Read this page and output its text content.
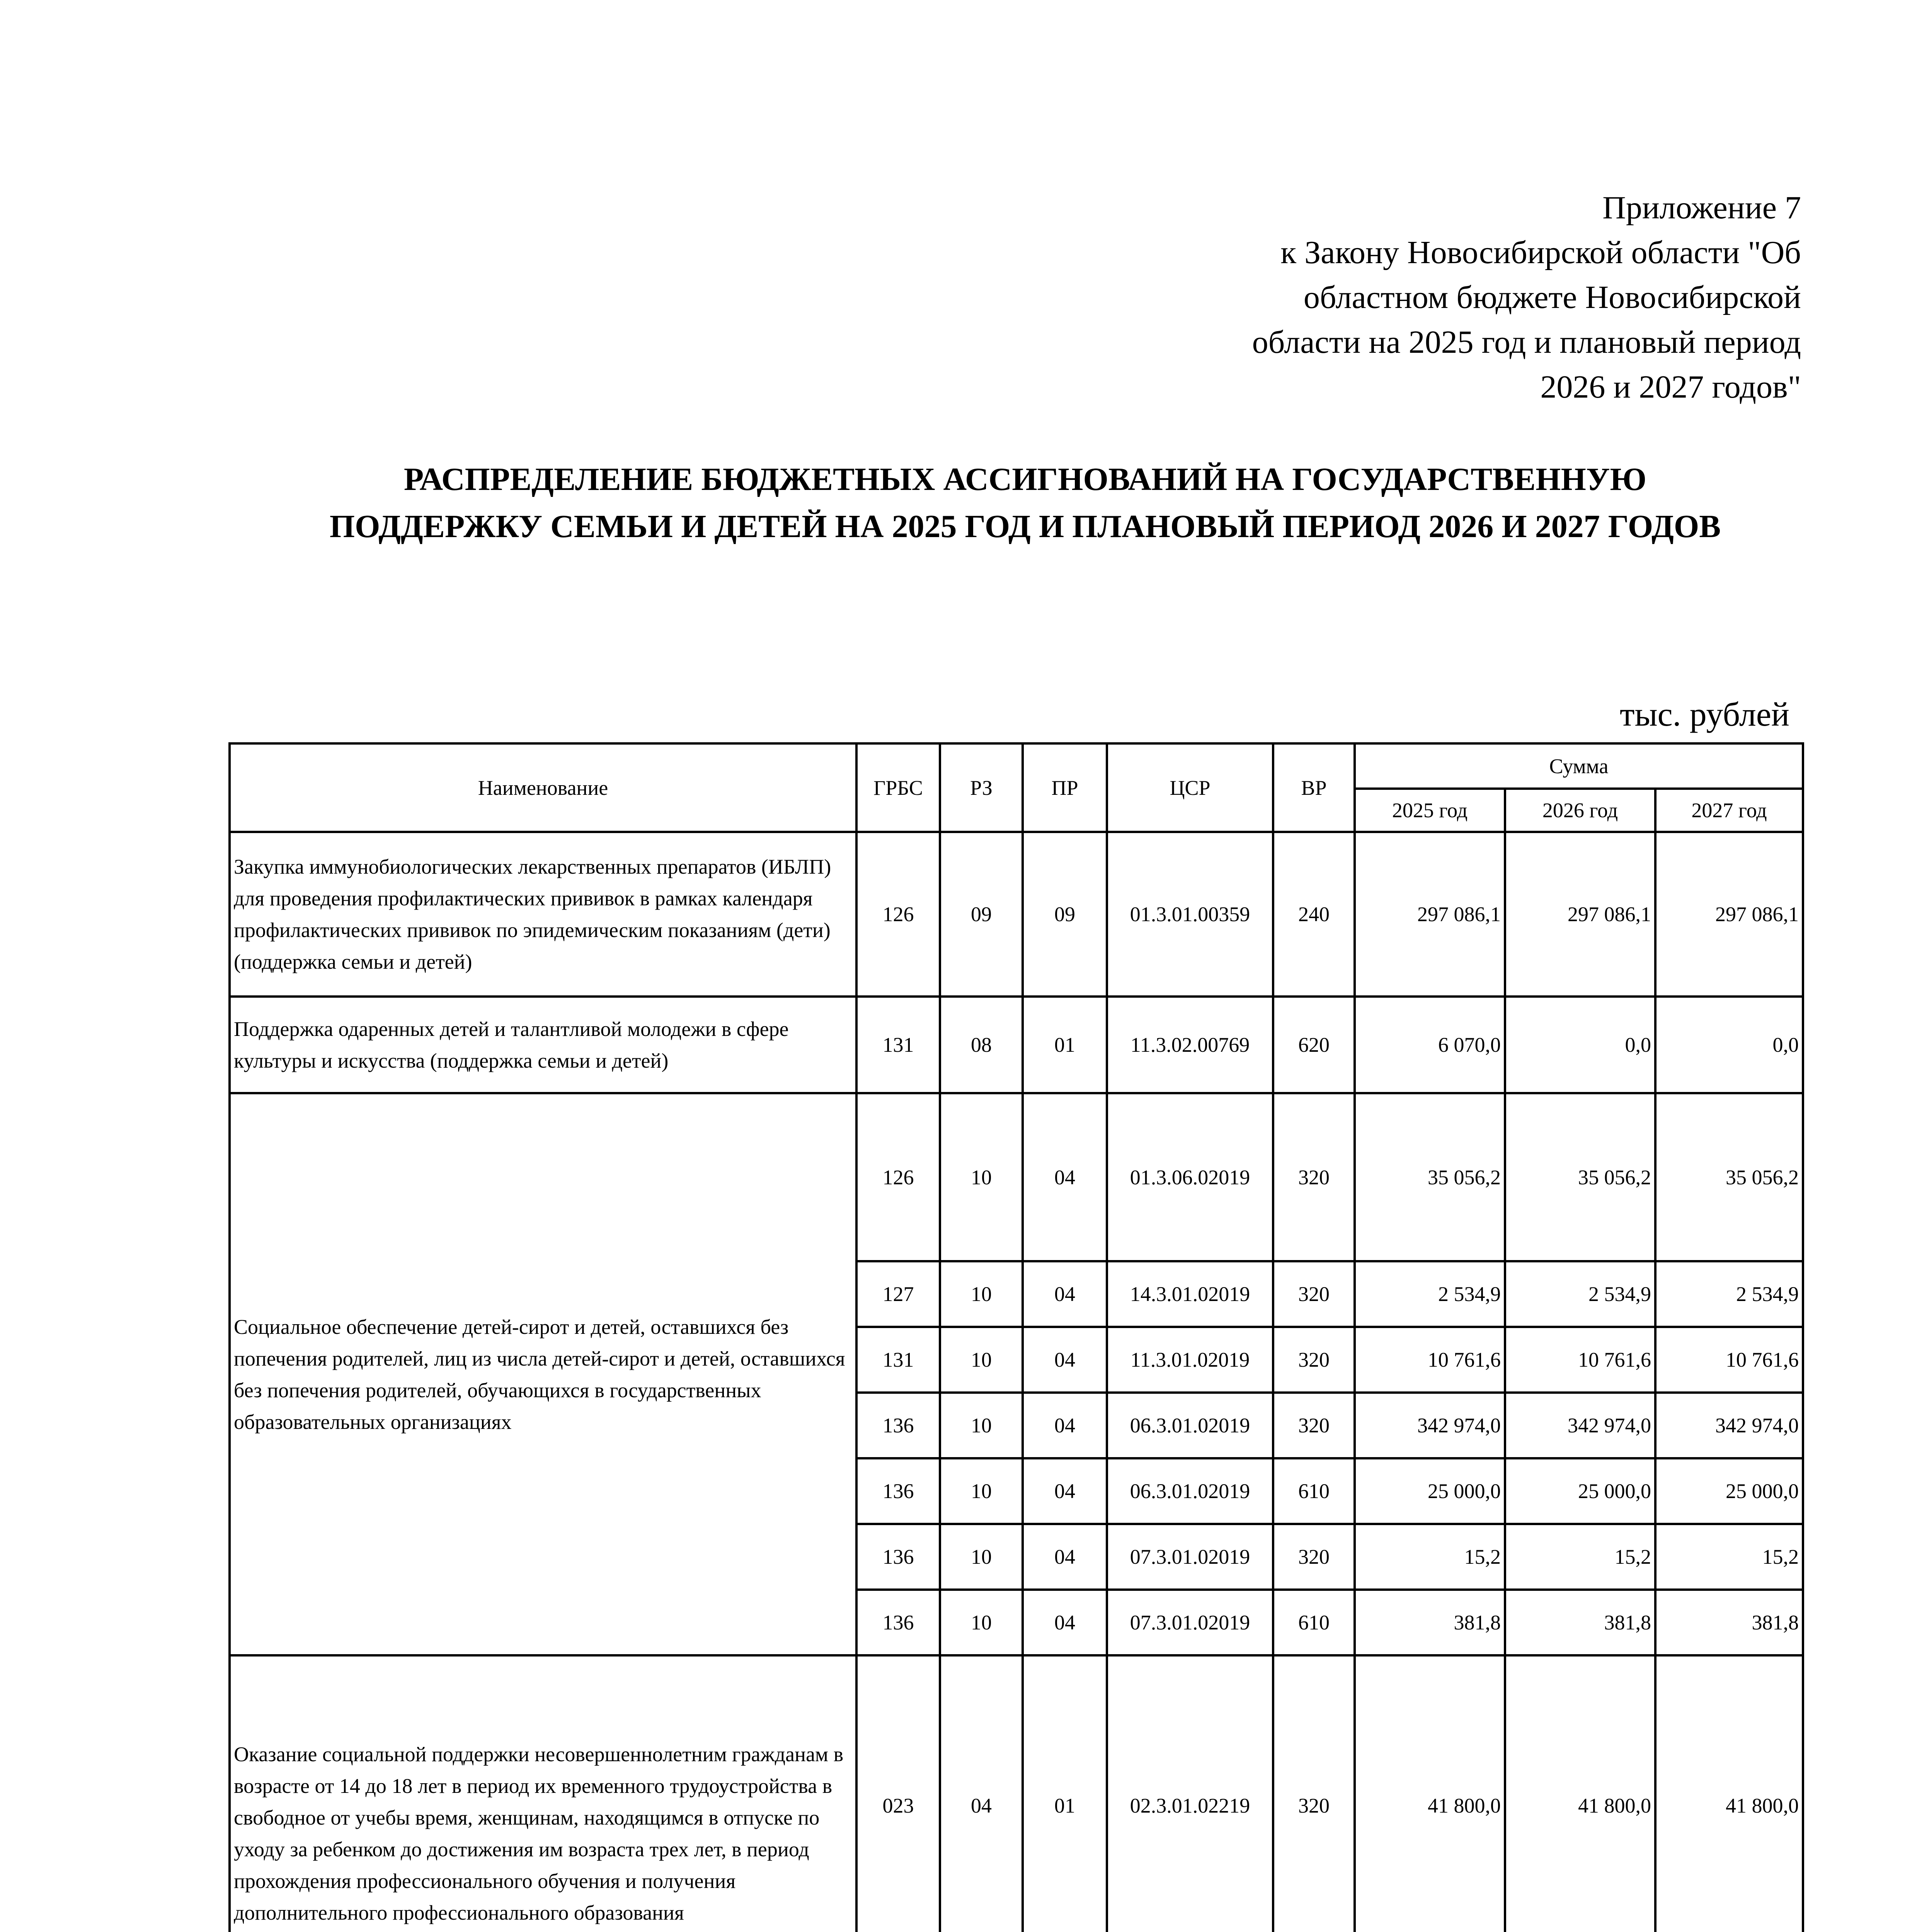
Приложение 7
к Закону Новосибирской области "Об
областном бюджете Новосибирской
области на 2025 год и плановый период
2026 и 2027 годов"
РАСПРЕДЕЛЕНИЕ БЮДЖЕТНЫХ АССИГНОВАНИЙ НА ГОСУДАРСТВЕННУЮ
ПОДДЕРЖКУ СЕМЬИ И ДЕТЕЙ НА 2025 ГОД И ПЛАНОВЫЙ ПЕРИОД 2026 И 2027 ГОДОВ
тыс. рублей
Наименование	ГРБС	РЗ	ПР	ЦСР	ВР	Сумма		
						2025 год	2026 год	2027 год
Закупка иммунобиологических лекарственных препаратов (ИБЛП) для проведения профилактических прививок в рамках календаря профилактических прививок по эпидемическим показаниям (дети) (поддержка семьи и детей)	126	09	09	01.3.01.00359	240	297 086,1	297 086,1	297 086,1
Поддержка одаренных детей и талантливой молодежи в сфере культуры и искусства (поддержка семьи и детей)	131	08	01	11.3.02.00769	620	6 070,0	0,0	0,0
Социальное обеспечение детей-сирот и детей, оставшихся без попечения родителей, лиц из числа детей-сирот и детей, оставшихся без попечения родителей, обучающихся в государственных образовательных организациях	126	10	04	01.3.06.02019	320	35 056,2	35 056,2	35 056,2
	127	10	04	14.3.01.02019	320	2 534,9	2 534,9	2 534,9
	131	10	04	11.3.01.02019	320	10 761,6	10 761,6	10 761,6
	136	10	04	06.3.01.02019	320	342 974,0	342 974,0	342 974,0
	136	10	04	06.3.01.02019	610	25 000,0	25 000,0	25 000,0
	136	10	04	07.3.01.02019	320	15,2	15,2	15,2
	136	10	04	07.3.01.02019	610	381,8	381,8	381,8
Оказание социальной поддержки несовершеннолетним гражданам в возрасте от 14 до 18 лет в период их временного трудоустройства в свободное от учебы время, женщинам, находящимся в отпуске по уходу за ребенком до достижения им возраста трех лет, в период прохождения профессионального обучения и получения дополнительного профессионального образования	023	04	01	02.3.01.02219	320	41 800,0	41 800,0	41 800,0
